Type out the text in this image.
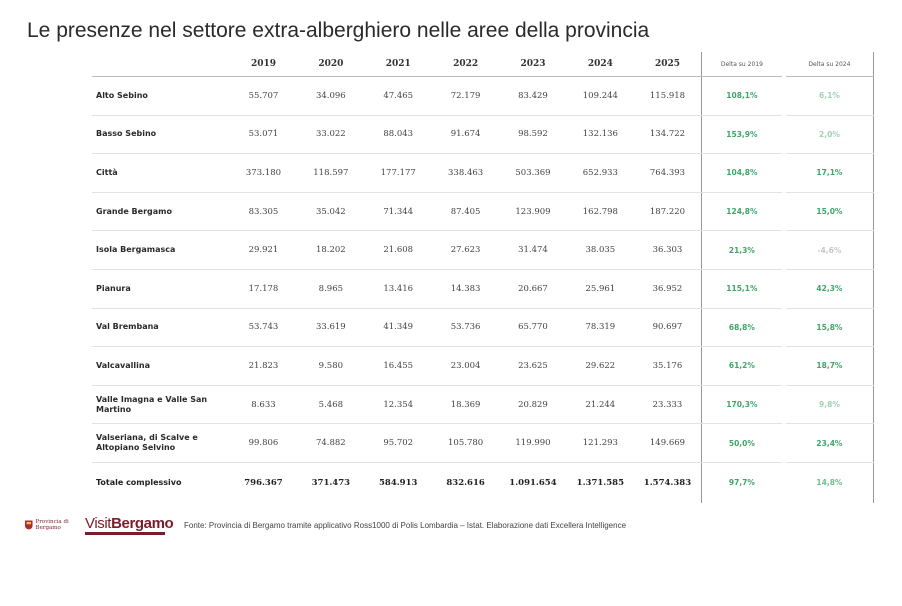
Le presenze nel settore extra-alberghiero nelle aree della provincia
	2019	2020	2021	2022	2023	2024	2025	Delta su 2019	Delta su 2024
Alto Sebino	55.707	34.096	47.465	72.179	83.429	109.244	115.918	108,1%	6,1%
Basso Sebino	53.071	33.022	88.043	91.674	98.592	132.136	134.722	153,9%	2,0%
Città	373.180	118.597	177.177	338.463	503.369	652.933	764.393	104,8%	17,1%
Grande Bergamo	83.305	35.042	71.344	87.405	123.909	162.798	187.220	124,8%	15,0%
Isola Bergamasca	29.921	18.202	21.608	27.623	31.474	38.035	36.303	21,3%	-4,6%
Pianura	17.178	8.965	13.416	14.383	20.667	25.961	36.952	115,1%	42,3%
Val Brembana	53.743	33.619	41.349	53.736	65.770	78.319	90.697	68,8%	15,8%
Valcavallina	21.823	9.580	16.455	23.004	23.625	29.622	35.176	61,2%	18,7%
Valle Imagna e Valle San Martino	8.633	5.468	12.354	18.369	20.829	21.244	23.333	170,3%	9,8%
Valseriana, di Scalve e Altopiano Selvino	99.806	74.882	95.702	105.780	119.990	121.293	149.669	50,0%	23,4%
Totale complessivo	796.367	371.473	584.913	832.616	1.091.654	1.371.585	1.574.383	97,7%	14,8%
Provincia di Bergamo	VisitBergamo Fonte: Provincia di Bergamo tramite applicativo Ross1000 di Polis Lombardia – Istat. Elaborazione dati Excellera Intelligence
